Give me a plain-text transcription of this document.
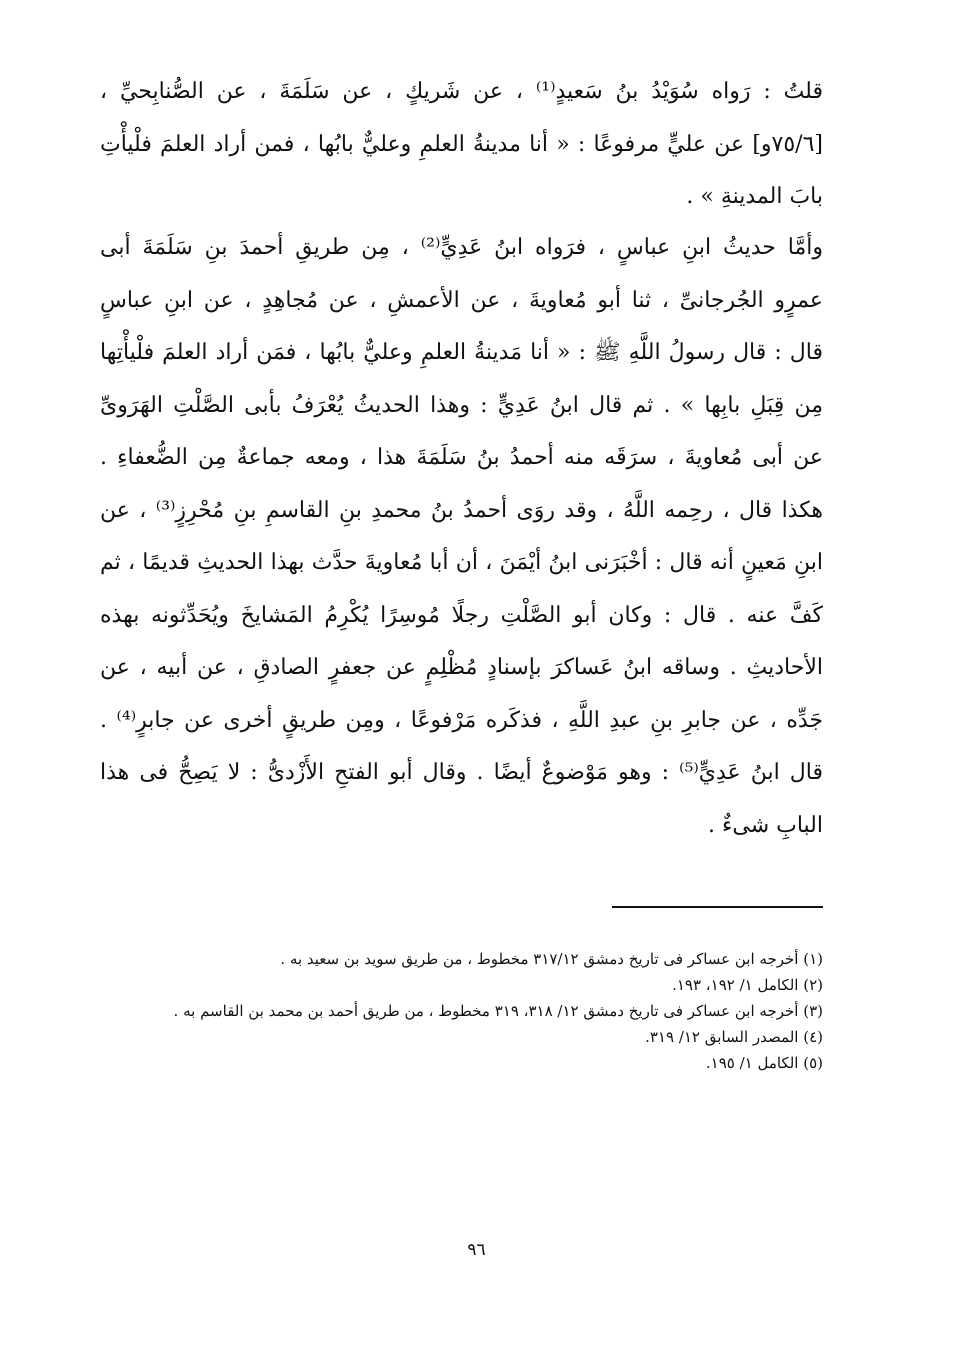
قلتُ : رَواه سُوَيْدُ بنُ سَعيدٍ⁽¹⁾ ، عن شَريكٍ ، عن سَلَمَةَ ، عن الصُّنابِحيِّ ،
[٧٥/٦و] عن عليٍّ مرفوعًا : « أنا مدينةُ العلمِ وعليٌّ بابُها ، فمن أراد العلمَ فلْيأْتِ
بابَ المدينةِ » .
وأمَّا حديثُ ابنِ عباسٍ ، فرَواه ابنُ عَدِيٍّ⁽²⁾ ، مِن طريقِ أحمدَ بنِ سَلَمَةَ أبى
عمرٍو الجُرجانىِّ ، ثنا أبو مُعاويةَ ، عن الأعمشِ ، عن مُجاهِدٍ ، عن ابنِ عباسٍ
قال : قال رسولُ اللَّهِ ﷺ : « أنا مَدينةُ العلمِ وعليٌّ بابُها ، فمَن أراد العلمَ فلْيأْتِها
مِن قِبَلِ بابِها » . ثم قال ابنُ عَدِيٍّ : وهذا الحديثُ يُعْرَفُ بأبى الصَّلْتِ الهَرَوىِّ
عن أبى مُعاويةَ ، سرَقَه منه أحمدُ بنُ سَلَمَةَ هذا ، ومعه جماعةٌ مِن الضُّعفاءِ .
هكذا قال ، رحِمه اللَّهُ ، وقد روَى أحمدُ بنُ محمدِ بنِ القاسمِ بنِ مُحْرِزٍ⁽³⁾ ، عن
ابنِ مَعينٍ أنه قال : أخْبَرَنى ابنُ أيْمَنَ ، أن أبا مُعاويةَ حدَّث بهذا الحديثِ قديمًا ، ثم
كَفَّ عنه . قال : وكان أبو الصَّلْتِ رجلًا مُوسِرًا يُكْرِمُ المَشايخَ ويُحَدِّثونه بهذه
الأحاديثِ . وساقه ابنُ عَساكرَ بإسنادٍ مُظْلِمٍ عن جعفرٍ الصادقِ ، عن أبيه ، عن
جَدِّه ، عن جابرِ بنِ عبدِ اللَّهِ ، فذكَره مَرْفوعًا ، ومِن طريقٍ أخرى عن جابرٍ⁽⁴⁾ .
قال ابنُ عَدِيٍّ⁽⁵⁾ : وهو مَوْضوعٌ أيضًا . وقال أبو الفتحِ الأَزْدىُّ : لا يَصِحُّ فى هذا
البابِ شىءٌ .
(١) أخرجه ابن عساكر فى تاريخ دمشق ٣١٧/١٢ مخطوط ، من طريق سويد بن سعيد به .
(٢) الكامل ١/ ١٩٢، ١٩٣.
(٣) أخرجه ابن عساكر فى تاريخ دمشق ١٢/ ٣١٨، ٣١٩ مخطوط ، من طريق أحمد بن محمد بن القاسم به .
(٤) المصدر السابق ١٢/ ٣١٩.
(٥) الكامل ١/ ١٩٥.
٩٦
